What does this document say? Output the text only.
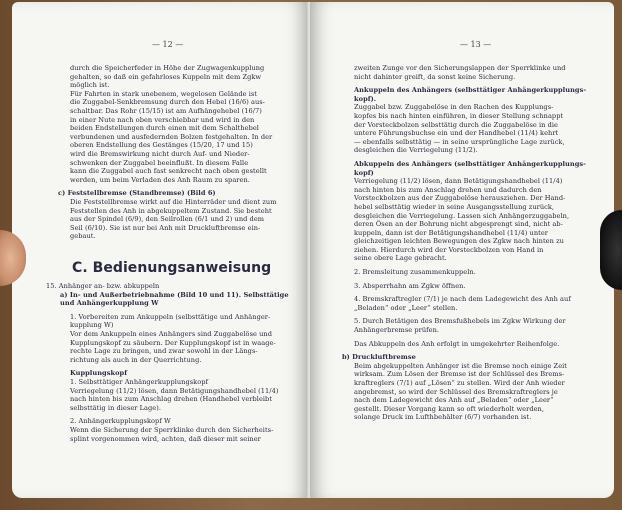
— 12 —

durch die Speicherfeder in Höhe der Zugwagenkupplung

gehalten, so daß ein gefahrloses Kuppeln mit dem Zgkw

möglich ist.

Für Fahrten in stark unebenem, wegelosen Gelände ist

die Zuggabel-Senkbremsung durch den Hebel (16/6) aus-

schaltbar. Das Rohr (15/15) ist am Aufhängehebel (16/7)

in einer Nute nach oben verschiebbar und wird in den

beiden Endstellungen durch einen mit dem Schalthebel

verbundenen und ausfedernden Bolzen festgehalten. In der

oberen Endstellung des Gestänges (15/20, 17 und 15)

wird die Bremswirkung nicht durch Auf- und Nieder-

schwenken der Zuggabel beeinflußt. In diesem Falle

kann die Zuggabel auch fast senkrecht nach oben gestellt

werden, um beim Verladen des Anh Raum zu sparen.

c) Feststellbremse (Standbremse) (Bild 6)

Die Feststellbremse wirkt auf die Hinterräder und dient zum

Feststellen des Anh in abgekuppeltem Zustand. Sie besteht

aus der Spindel (6/9), den Seilrollen (6/1 und 2) und dem

Seil (6/10). Sie ist nur bei Anh mit Druckluftbremse ein-

gebaut.

C. Bedienungsanweisung

15. Anhänger an- bzw. abkuppeln

a) In- und Außerbetriebnahme (Bild 10 und 11). Selbsttätige und Anhängerkupplung W

1. Vorbereiten zum Ankuppeln (selbsttätige und Anhänger-kupplung W)

Vor dem Ankuppeln eines Anhängers sind Zuggabelöse und

Kupplungskopf zu säubern. Der Kupplungskopf ist in waage-

rechte Lage zu bringen, und zwar sowohl in der Längs-

richtung als auch in der Querrichtung.

Kupplungskopf

1. Selbsttätiger Anhängerkupplungskopf

Verriegelung (11/2) lösen, dann Betätigungshandhebel (11/4)

nach hinten bis zum Anschlag drehen (Handhebel verbleibt

selbsttätig in dieser Lage).

2. Anhängerkupplungskopf W

Wenn die Sicherung der Sperrklinke durch den Sicherheits-

splint vorgenommen wird, achten, daß dieser mit seiner

— 13 —

zweiten Zunge vor den Sicherungslappen der Sperrklinke und

nicht dahinter greift, da sonst keine Sicherung.

Ankuppeln des Anhängers (selbsttätiger Anhängerkupplungs-kopf).

Zuggabel bzw. Zuggabelöse in den Rachen des Kupplungs-

kopfes bis nach hinten einführen, in dieser Stellung schnappt

der Vorsteckbolzen selbsttätig durch die Zuggabelöse in die

untere Führungsbuchse ein und der Handhebel (11/4) kehrt

— ebenfalls selbsttätig — in seine ursprüngliche Lage zurück,

desgleichen die Verriegelung (11/2).

Abkuppeln des Anhängers (selbsttätiger Anhängerkupplungs-kopf)

Verriegelung (11/2) lösen, dann Betätigungshandhebel (11/4)

nach hinten bis zum Anschlag drehen und dadurch den

Vorsteckbolzen aus der Zuggabelöse herausziehen. Der Hand-

hebel selbsttätig wieder in seine Ausgangsstellung zurück,

desgleichen die Verriegelung. Lassen sich Anhängerzuggabeln,

deren Ösen an der Bohrung nicht abgesprengt sind, nicht ab-

kuppeln, dann ist der Betätigungshandhebel (11/4) unter

gleichzeitigen leichten Bewegungen des Zgkw nach hinten zu

ziehen. Hierdurch wird der Vorsteckbolzen von Hand in

seine obere Lage gebracht.

2. Bremsleitung zusammenkuppeln.

3. Absperrhahn am Zgkw öffnen.

4. Bremskraftregler (7/1) je nach dem Ladegewicht des Anh auf „Beladen“ oder „Leer“ stellen.

5. Durch Betätigen des Bremsfußhebels im Zgkw Wirkung der Anhängerbremse prüfen.

Das Abkuppeln des Anh erfolgt in umgekehrter Reihenfolge.

b) Druckluftbremse

Beim abgekuppelten Anhänger ist die Bremse noch einige Zeit

wirksam. Zum Lösen der Bremse ist der Schlüssel des Brems-

kraftreglers (7/1) auf „Lösen“ zu stellen. Wird der Anh wieder

angebremst, so wird der Schlüssel des Bremskraftreglers je

nach dem Ladegewicht des Anh auf „Beladen“ oder „Leer“

gestellt. Dieser Vorgang kann so oft wiederholt werden,

solange Druck im Lufthbehälter (6/7) vorhanden ist.
